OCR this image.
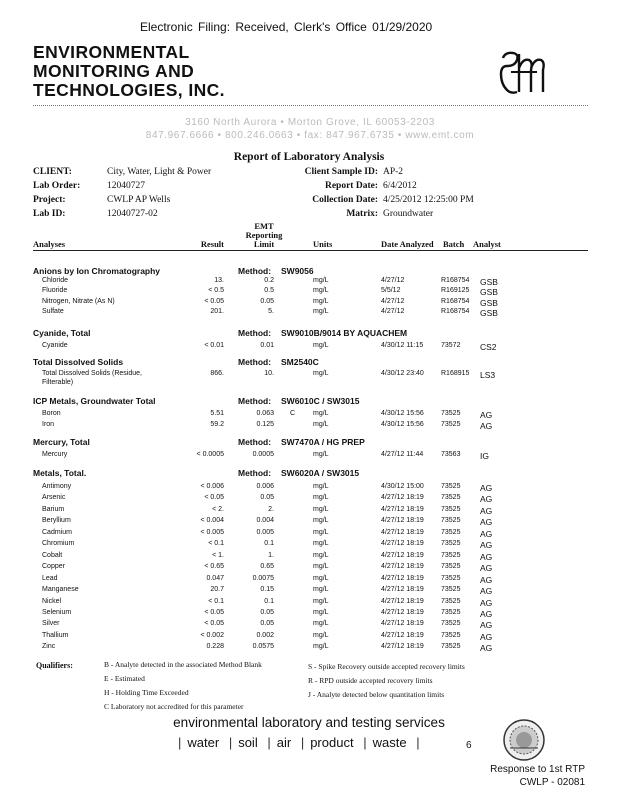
Electronic Filing: Received, Clerk's Office 01/29/2020
ENVIRONMENTAL
MONITORING AND
TECHNOLOGIES, INC.
3160 North Aurora • Morton Grove, IL 60053-2203
847.967.6666 • 800.246.0663 • fax: 847.967.6735 • www.emt.com
Report of Laboratory Analysis
CLIENT:	City, Water, Light & Power
Lab Order:	12040727
Project:	CWLP AP Wells
Lab ID:	12040727-02
Client Sample ID: AP-2
Report Date: 6/4/2012
Collection Date: 4/25/2012 12:25:00 PM
Matrix: Groundwater
Analyses	Result
EMT
Reporting
Limit	Units	Date Analyzed Batch Analyst
Anions by Ion Chromatography	Method: SW9056
Chloride	13.	0.2	mg/L	4/27/12	R168754 GSB
Fluoride	< 0.5	0.5	mg/L	5/5/12	R169125 GSB
Nitrogen, Nitrate (As N)	< 0.05	0.05	mg/L	4/27/12	R168754 GSB
Sulfate	201.	5.	mg/L	4/27/12	R168754 GSB
Cyanide, Total	Method: SW9010B/9014 BY AQUACHEM
Cyanide	< 0.01	0.01	mg/L	4/30/12 11:15	73572 CS2
Total Dissolved Solids	Method: SM2540C
Total Dissolved Solids (Residue,	866.	10.	mg/L	4/30/12 23:40 R168915 LS3
Filterable)
ICP Metals, Groundwater Total	Method: SW6010C / SW3015
Boron	5.51	0.063 C	mg/L	4/30/12 15:56 73525 AG
Iron	59.2	0.125	mg/L	4/30/12 15:56 73525 AG
Mercury, Total	Method: SW7470A / HG PREP
Mercury	< 0.0005	0.0005	mg/L	4/27/12 11:44	73563 IG
Metals, Total.	Method: SW6020A / SW3015
Antimony	< 0.006	0.006	mg/L	4/30/12 15:00 73525 AG
Arsenic	< 0.05	0.05	mg/L	4/27/12 18:19 73525 AG
Barium	< 2.	2.	mg/L	4/27/12 18:19 73525 AG
Beryllium	< 0.004	0.004	mg/L	4/27/12 18:19 73525 AG
Cadmium	< 0.005	0.005	mg/L	4/27/12 18:19 73525 AG
Chromium	< 0.1	0.1	mg/L	4/27/12 18:19 73525 AG
Cobalt	< 1.	1.	mg/L	4/27/12 18:19 73525 AG
Copper	< 0.65	0.65	mg/L	4/27/12 18:19 73525 AG
Lead	0.047	0.0075	mg/L	4/27/12 18:19 73525 AG
Manganese	20.7	0.15	mg/L	4/27/12 18:19 73525 AG
Nickel	< 0.1	0.1	mg/L	4/27/12 18:19 73525 AG
Selenium	< 0.05	0.05	mg/L	4/27/12 18:19 73525 AG
Silver	< 0.05	0.05	mg/L	4/27/12 18:19 73525 AG
Thallium	< 0.002	0.002	mg/L	4/27/12 18:19 73525 AG
Zinc	0.228	0.0575	mg/L	4/27/12 18:19 73525 AG
Qualifiers:	B - Analyte detected in the associated Method Blank
E - Estimated
H - Holding Time Exceeded
C Laboratory not accredited for this parameter
S - Spike Recovery outside accepted recovery limits
R - RPD outside accepted recovery limits
J - Analyte detected below quantitation limits
environmental laboratory and testing services
| water | soil | air | product | waste |	6
Response to 1st RTP
CWLP - 02081
